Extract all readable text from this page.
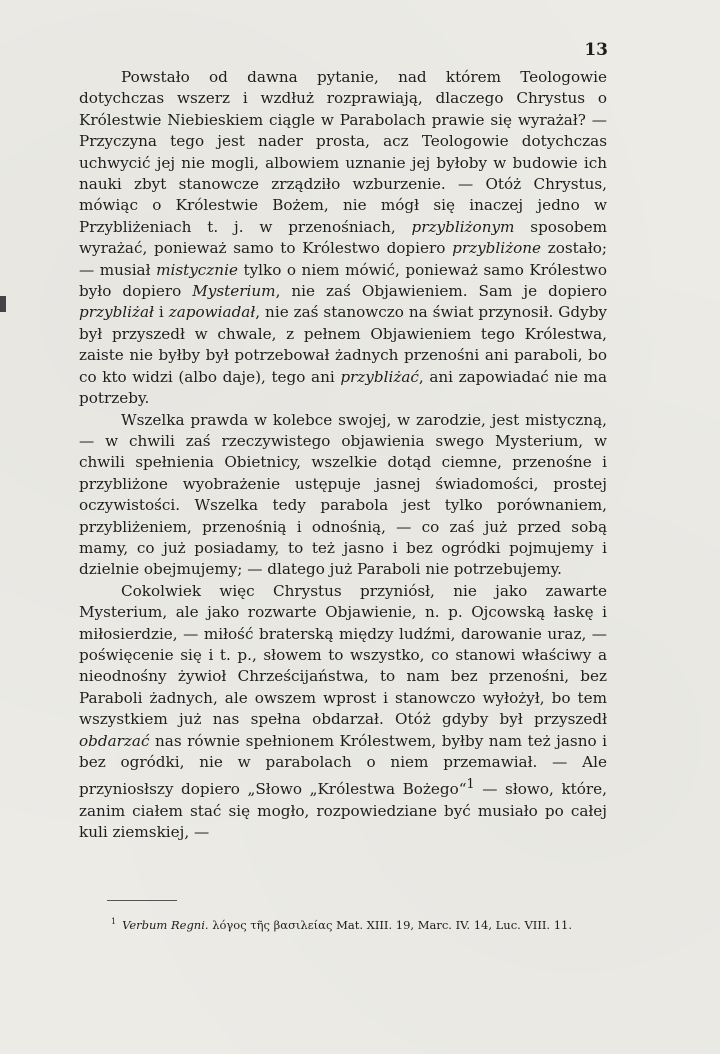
13

Powstało od dawna pytanie, nad którem Teologowie dotychczas wszerz i wzdłuż rozprawiają, dlaczego Chrystus o Królestwie Niebieskiem ciągle w Parabolach prawie się wyrażał? — Przyczyna tego jest nader prosta, acz Teologowie dotychczas uchwycić jej nie mogli, albowiem uznanie jej byłoby w budowie ich nauki zbyt stanowcze zrządziło wzburzenie. — Otóż Chrystus, mówiąc o Królestwie Bożem, nie mógł się inaczej jedno w Przybliżeniach t. j. w przenośniach, przybliżonym sposobem wyrażać, ponieważ samo to Królestwo dopiero przybliżone zostało; — musiał mistycznie tylko o niem mówić, ponieważ samo Królestwo było dopiero Mysterium, nie zaś Objawieniem. Sam je dopiero przybliżał i zapowiadał, nie zaś stanowczo na świat przynosił. Gdyby był przyszedł w chwale, z pełnem Objawieniem tego Królestwa, zaiste nie byłby był potrzebował żadnych przenośni ani paraboli, bo co kto widzi (albo daje), tego ani przybliżać, ani zapowiadać nie ma potrzeby.

Wszelka prawda w kolebce swojej, w zarodzie, jest mistyczną, — w chwili zaś rzeczywistego objawienia swego Mysterium, w chwili spełnienia Obietnicy, wszelkie dotąd ciemne, przenośne i przybliżone wyobrażenie ustępuje jasnej świadomości, prostej oczywistości. Wszelka tedy parabola jest tylko porównaniem, przybliżeniem, przenośnią i odnośnią, — co zaś już przed sobą mamy, co już posiadamy, to też jasno i bez ogródki pojmujemy i dzielnie obejmujemy; — dlatego już Paraboli nie potrzebujemy.

Cokolwiek więc Chrystus przyniósł, nie jako zawarte Mysterium, ale jako rozwarte Objawienie, n. p. Ojcowską łaskę i miłosierdzie, — miłość braterską między ludźmi, darowanie uraz, — poświęcenie się i t. p., słowem to wszystko, co stanowi właściwy a nieodnośny żywioł Chrześcijaństwa, to nam bez przenośni, bez Paraboli żadnych, ale owszem wprost i stanowczo wyłożył, bo tem wszystkiem już nas spełna obdarzał. Otóż gdyby był przyszedł obdarzać nas równie spełnionem Królestwem, byłby nam też jasno i bez ogródki, nie w parabolach o niem przemawiał. — Ale przyniosłszy dopiero „Słowo „Królestwa Bożego“$^1$ — słowo, które, zanim ciałem stać się mogło, rozpowiedziane być musiało po całej kuli ziemskiej, —

$^1$ Verbum Regni. λόγος τῆς βασιλείας Mat. XIII. 19, Marc. IV. 14, Luc. VIII. 11.
